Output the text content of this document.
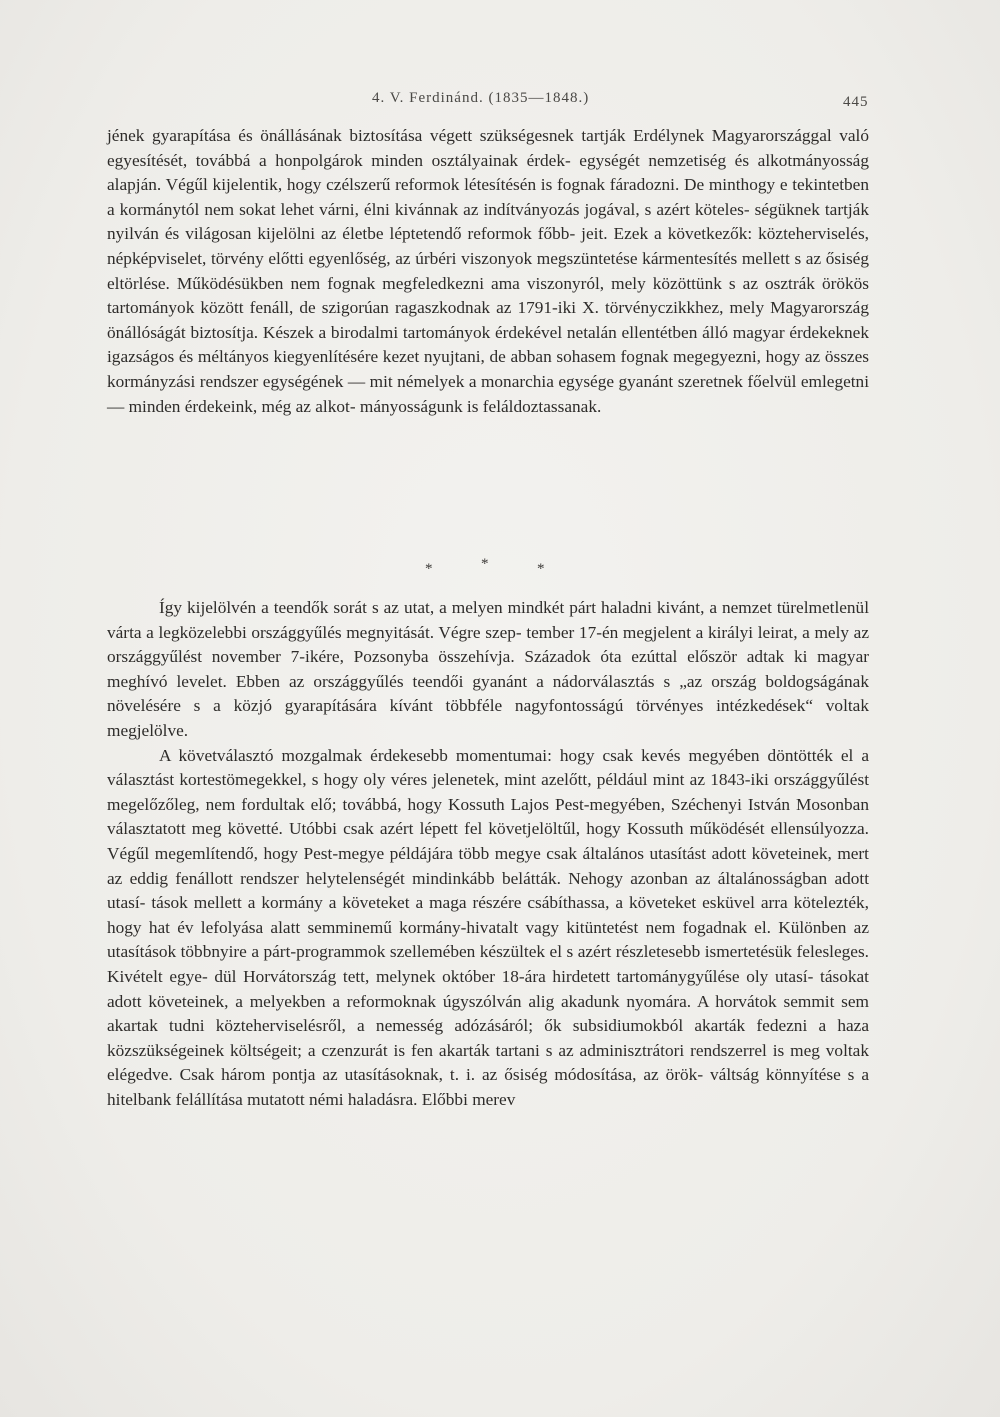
4. V. Ferdinánd. (1835—1848.)	445

jének gyarapítása és önállásának biztosítása végett szükségesnek tartják Erdélynek Magyarországgal való egyesítését, továbbá a honpolgárok minden osztályainak érdek- egységét nemzetiség és alkotmányosság alapján. Végűl kijelentik, hogy czélszerű reformok létesítésén is fognak fáradozni. De minthogy e tekintetben a kormánytól nem sokat lehet várni, élni kivánnak az indítványozás jogával, s azért köteles- ségüknek tartják nyilván és világosan kijelölni az életbe léptetendő reformok főbb- jeit. Ezek a következők: közteherviselés, népképviselet, törvény előtti egyenlőség, az úrbéri viszonyok megszüntetése kármentesítés mellett s az ősiség eltörlése. Működésükben nem fognak megfeledkezni ama viszonyról, mely közöttünk s az osztrák örökös tartományok között fenáll, de szigorúan ragaszkodnak az 1791-iki X. törvényczikkhez, mely Magyarország önállóságát biztosítja. Készek a birodalmi tartományok érdekével netalán ellentétben álló magyar érdekeknek igazságos és méltányos kiegyenlítésére kezet nyujtani, de abban sohasem fognak megegyezni, hogy az összes kormányzási rendszer egységének — mit némelyek a monarchia egysége gyanánt szeretnek főelvül emlegetni — minden érdekeink, még az alkot- mányosságunk is feláldoztassanak.

*	*	*

Így kijelölvén a teendők sorát s az utat, a melyen mindkét párt haladni kivánt, a nemzet türelmetlenül várta a legközelebbi országgyűlés megnyitását. Végre szep- tember 17-én megjelent a királyi leirat, a mely az országgyűlést november 7-ikére, Pozsonyba összehívja. Századok óta ezúttal először adtak ki magyar meghívó levelet. Ebben az országgyűlés teendői gyanánt a nádorválasztás s „az ország boldogságának növelésére s a közjó gyarapítására kívánt többféle nagyfontosságú törvényes intézkedések“ voltak megjelölve.

A követválasztó mozgalmak érdekesebb momentumai: hogy csak kevés megyében döntötték el a választást kortestömegekkel, s hogy oly véres jelenetek, mint azelőtt, például mint az 1843-iki országgyűlést megelőzőleg, nem fordultak elő; továbbá, hogy Kossuth Lajos Pest-megyében, Széchenyi István Mosonban választatott meg követté. Utóbbi csak azért lépett fel követjelöltűl, hogy Kossuth működését ellensúlyozza. Végűl megemlítendő, hogy Pest-megye példájára több megye csak általános utasítást adott követeinek, mert az eddig fenállott rendszer helytelenségét mindinkább belátták. Nehogy azonban az általánosságban adott utasí- tások mellett a kormány a követeket a maga részére csábíthassa, a követeket esküvel arra kötelezték, hogy hat év lefolyása alatt semminemű kormány-hivatalt vagy kitüntetést nem fogadnak el. Különben az utasítások többnyire a párt-programmok szellemében készültek el s azért részletesebb ismertetésük felesleges. Kivételt egye- dül Horvátország tett, melynek október 18-ára hirdetett tartománygyűlése oly utasí- tásokat adott követeinek, a melyekben a reformoknak úgyszólván alig akadunk nyomára. A horvátok semmit sem akartak tudni közteherviselésről, a nemesség adózásáról; ők subsidiumokból akarták fedezni a haza közszükségeinek költségeit; a czenzurát is fen akarták tartani s az adminisztrátori rendszerrel is meg voltak elégedve. Csak három pontja az utasításoknak, t. i. az ősiség módosítása, az örök- váltság könnyítése s a hitelbank felállítása mutatott némi haladásra. Előbbi merev
